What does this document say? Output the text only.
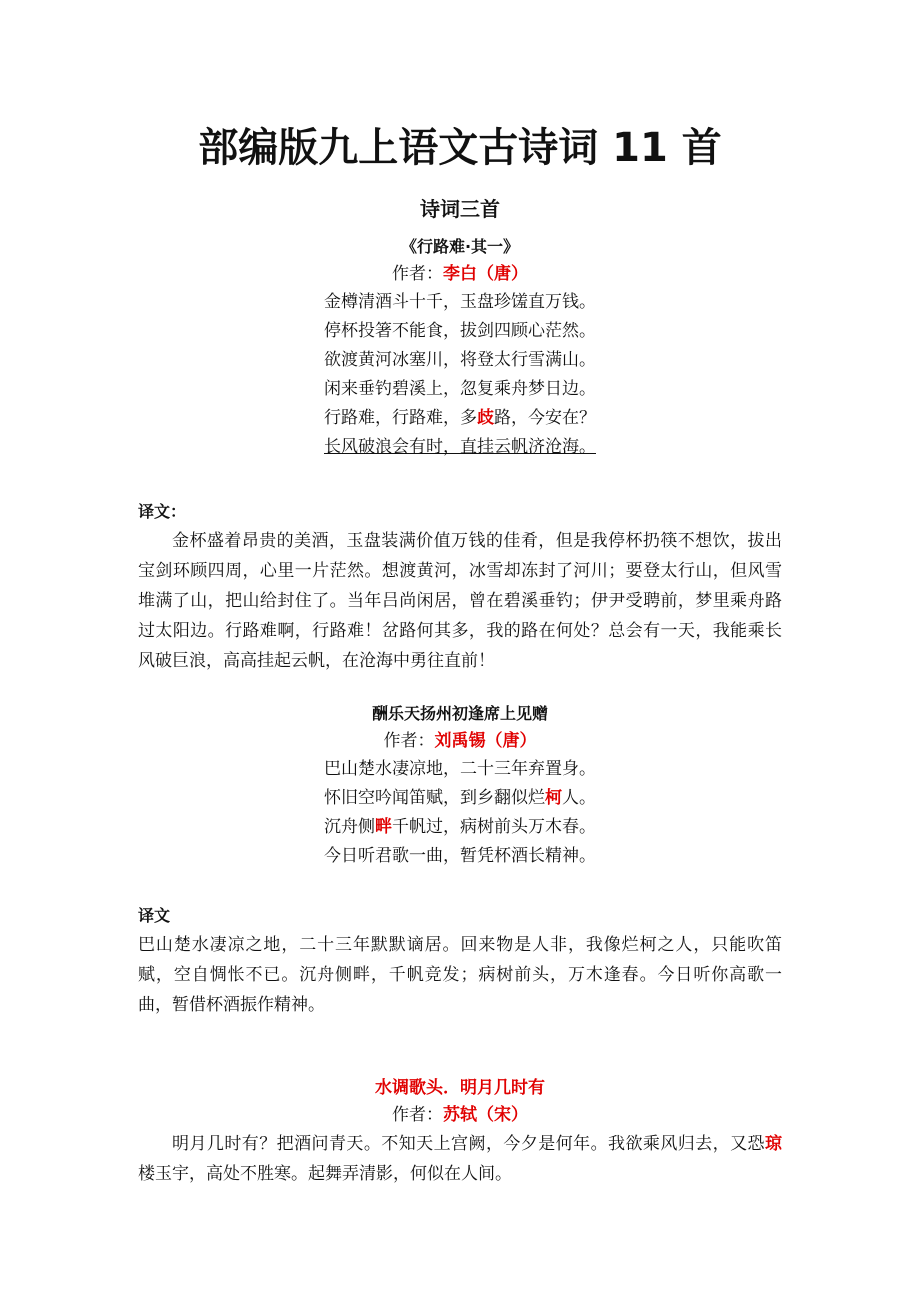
部编版九上语文古诗词 11 首
诗词三首
《行路难·其一》
作者：李白（唐）
金樽清酒斗十千，玉盘珍馐直万钱。
停杯投箸不能食，拔剑四顾心茫然。
欲渡黄河冰塞川，将登太行雪满山。
闲来垂钓碧溪上，忽复乘舟梦日边。
行路难，行路难，多歧路，今安在？
长风破浪会有时，直挂云帆济沧海。
译文：
金杯盛着昂贵的美酒，玉盘装满价值万钱的佳肴，但是我停杯扔筷不想饮，拔出宝剑环顾四周，心里一片茫然。想渡黄河，冰雪却冻封了河川；要登太行山，但风雪堆满了山，把山给封住了。当年吕尚闲居，曾在碧溪垂钓；伊尹受聘前，梦里乘舟路过太阳边。行路难啊，行路难！岔路何其多，我的路在何处？总会有一天，我能乘长风破巨浪，高高挂起云帆，在沧海中勇往直前！
酬乐天扬州初逢席上见赠
作者：刘禹锡（唐）
巴山楚水凄凉地，二十三年弃置身。
怀旧空吟闻笛赋，到乡翻似烂柯人。
沉舟侧畔千帆过，病树前头万木春。
今日听君歌一曲，暂凭杯酒长精神。
译文
巴山楚水凄凉之地，二十三年默默谪居。回来物是人非，我像烂柯之人，只能吹笛赋，空自惆怅不已。沉舟侧畔，千帆竞发；病树前头，万木逢春。今日听你高歌一曲，暂借杯酒振作精神。
水调歌头．明月几时有
作者：苏轼（宋）
明月几时有？把酒问青天。不知天上宫阙，今夕是何年。我欲乘风归去，又恐琼楼玉宇，高处不胜寒。起舞弄清影，何似在人间。
